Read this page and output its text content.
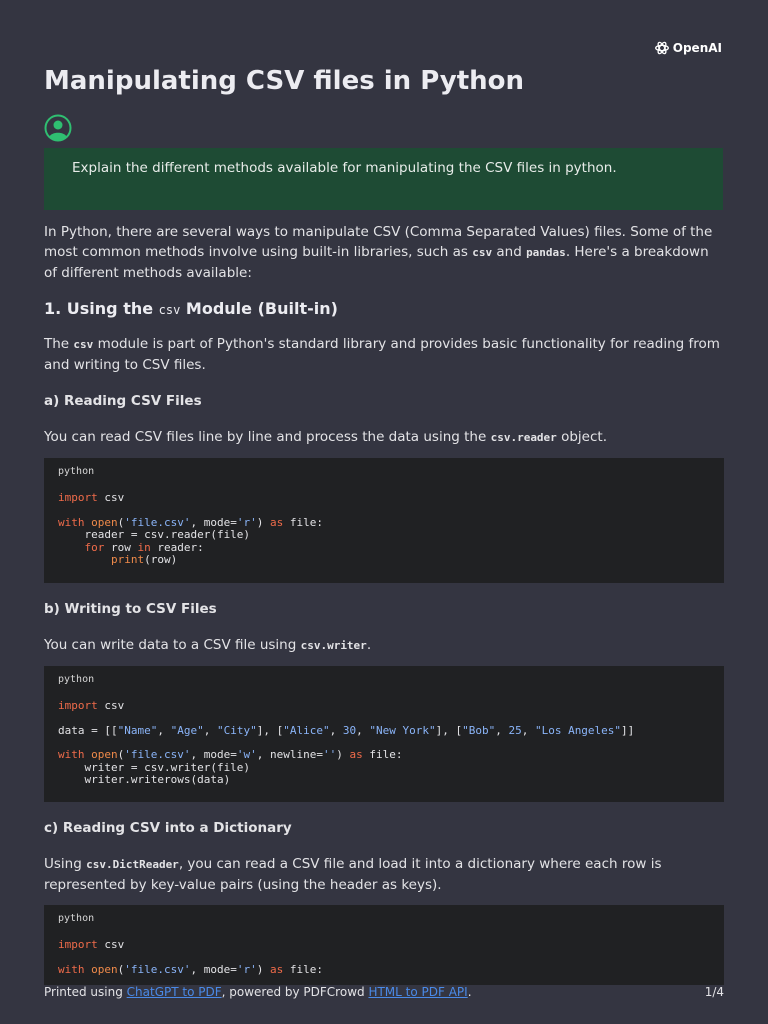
OpenAI
Manipulating CSV files in Python
Explain the different methods available for manipulating the CSV files in python.

In Python, there are several ways to manipulate CSV (Comma Separated Values) files. Some of the most common methods involve using built-in libraries, such as csv and pandas. Here's a breakdown of different methods available:

1. Using the csv Module (Built-in)

The csv module is part of Python's standard library and provides basic functionality for reading from and writing to CSV files.

a) Reading CSV Files

You can read CSV files line by line and process the data using the csv.reader object.

python
import csv
with open('file.csv', mode='r') as file:
reader = csv.reader(file)
for row in reader:
print(row)
b) Writing to CSV Files

You can write data to a CSV file using csv.writer.

python
import csv
data = [["Name", "Age", "City"], ["Alice", 30, "New York"], ["Bob", 25, "Los Angeles"]]
with open('file.csv', mode='w', newline='') as file:
writer = csv.writer(file)
writer.writerows(data)
c) Reading CSV into a Dictionary

Using csv.DictReader, you can read a CSV file and load it into a dictionary where each row is represented by key-value pairs (using the header as keys).

python
import csv
with open('file.csv', mode='r') as file:
Printed using ChatGPT to PDF, powered by PDFCrowd HTML to PDF API.	1/4
